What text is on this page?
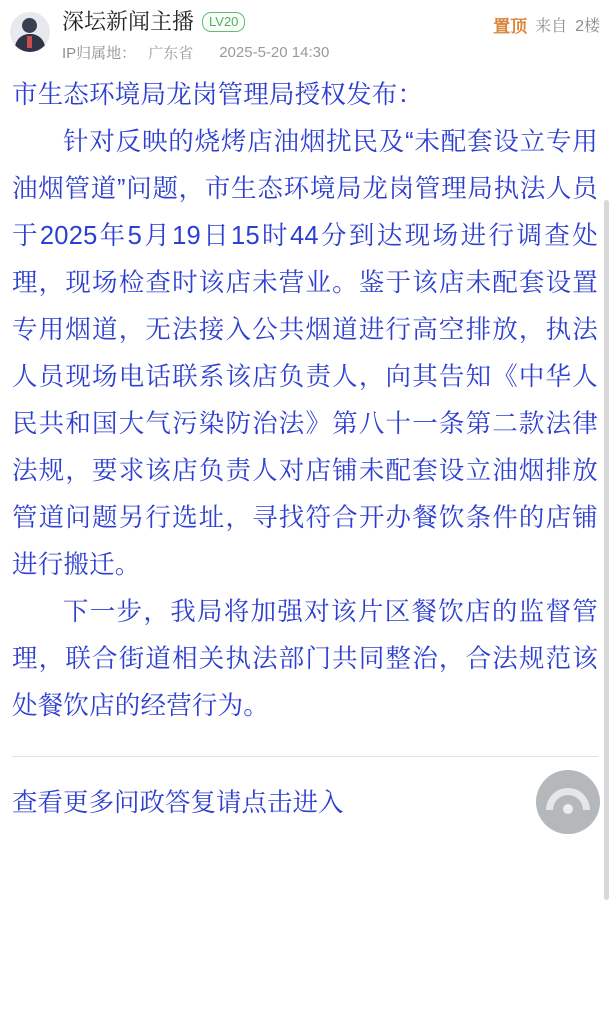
深坛新闻主播	LV20
IP归属地： 广东省 2025-5-20 14:30
置顶 来自 2楼

市生态环境局龙岗管理局授权发布：

针对反映的烧烤店油烟扰民及“未配套设立专用油烟管道”问题，市生态环境局龙岗管理局执法人员于2025年5月19日15时44分到达现场进行调查处理，现场检查时该店未营业。鉴于该店未配套设置专用烟道，无法接入公共烟道进行高空排放，执法人员现场电话联系该店负责人，向其告知《中华人民共和国大气污染防治法》第八十一条第二款法律法规，要求该店负责人对店铺未配套设立油烟排放管道问题另行选址，寻找符合开办餐饮条件的店铺进行搬迁。

下一步，我局将加强对该片区餐饮店的监督管理，联合街道相关执法部门共同整治，合法规范该处餐饮店的经营行为。

查看更多问政答复请点击进入
